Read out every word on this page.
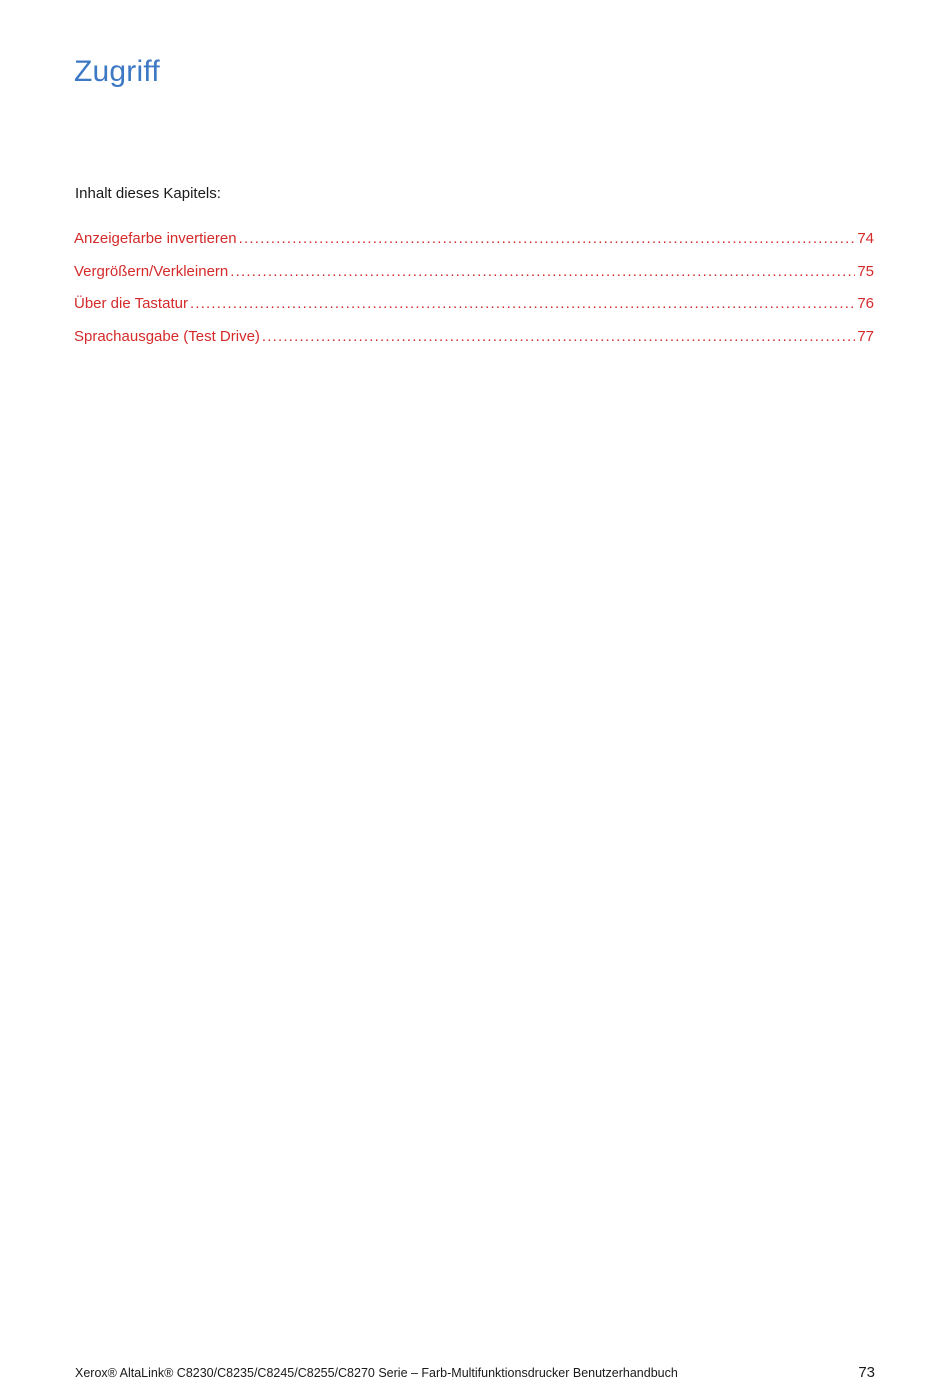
Zugriff

Inhalt dieses Kapitels:

Anzeigefarbe invertieren .....	74
Vergrößern/Verkleinern .....	75
Über die Tastatur .....	76
Sprachausgabe (Test Drive) .....	77
Xerox® AltaLink® C8230/C8235/C8245/C8255/C8270 Serie – Farb-Multifunktionsdrucker Benutzerhandbuch	73
